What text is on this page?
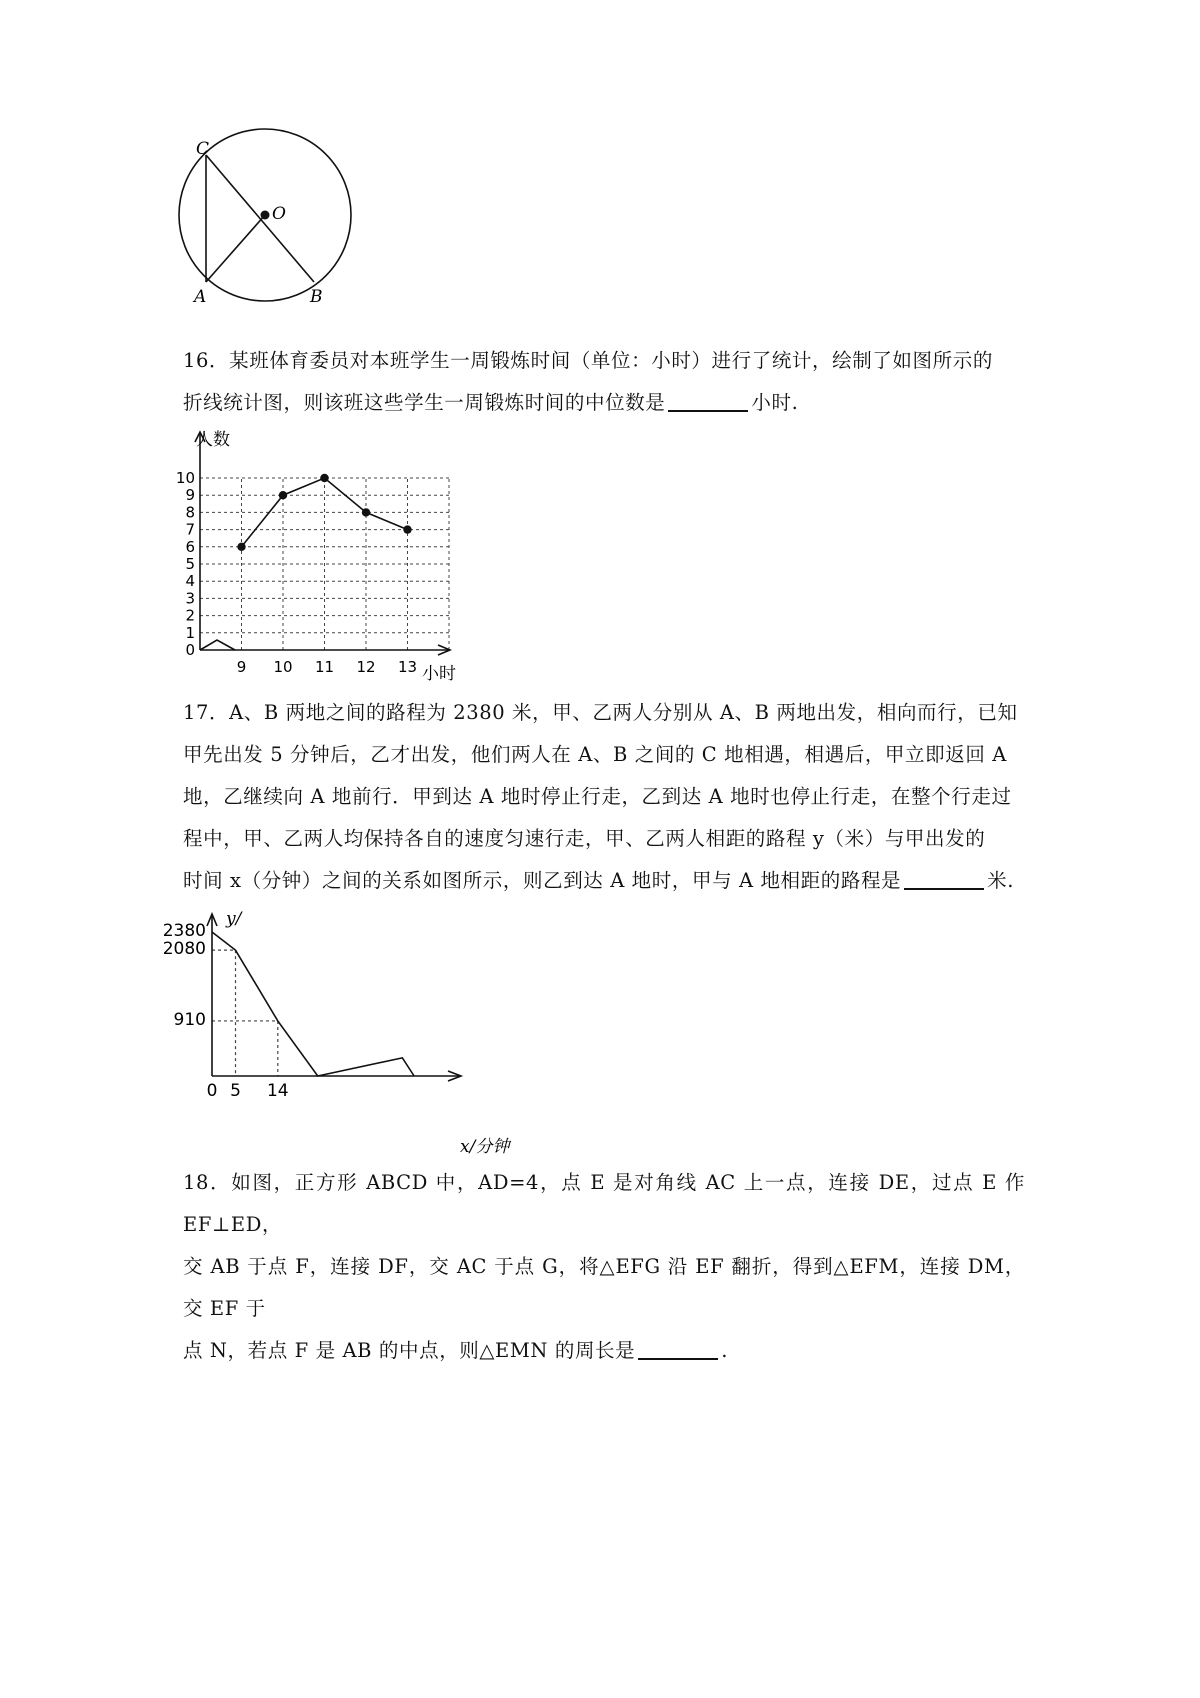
C
O
A	B
16．某班体育委员对本班学生一周锻炼时间（单位：小时）进行了统计，绘制了如图所示的
折线统计图，则该班这些学生一周锻炼时间的中位数是	小时.
0
1
2
3
4
5
6
7
8
9
10
9 10 11 12 13
人数
小时
17．A、B 两地之间的路程为 2380 米，甲、乙两人分别从 A、B 两地出发，相向而行，已知
甲先出发 5 分钟后，乙才出发，他们两人在 A、B 之间的 C 地相遇，相遇后，甲立即返回 A
地，乙继续向 A 地前行．甲到达 A 地时停止行走，乙到达 A 地时也停止行走，在整个行走过
程中，甲、乙两人均保持各自的速度匀速行走，甲、乙两人相距的路程 y（米）与甲出发的
时间 x（分钟）之间的关系如图所示，则乙到达 A 地时，甲与 A 地相距的路程是	米.
2380
2080
910
0 5 14
y/
x/分钟
18．如图，正方形 ABCD 中，AD=4，点 E 是对角线 AC 上一点，连接 DE，过点 E 作 EF⊥ED，
交 AB 于点 F，连接 DF，交 AC 于点 G，将△EFG 沿 EF 翻折，得到△EFM，连接 DM，交 EF 于
点 N，若点 F 是 AB 的中点，则△EMN 的周长是	.
